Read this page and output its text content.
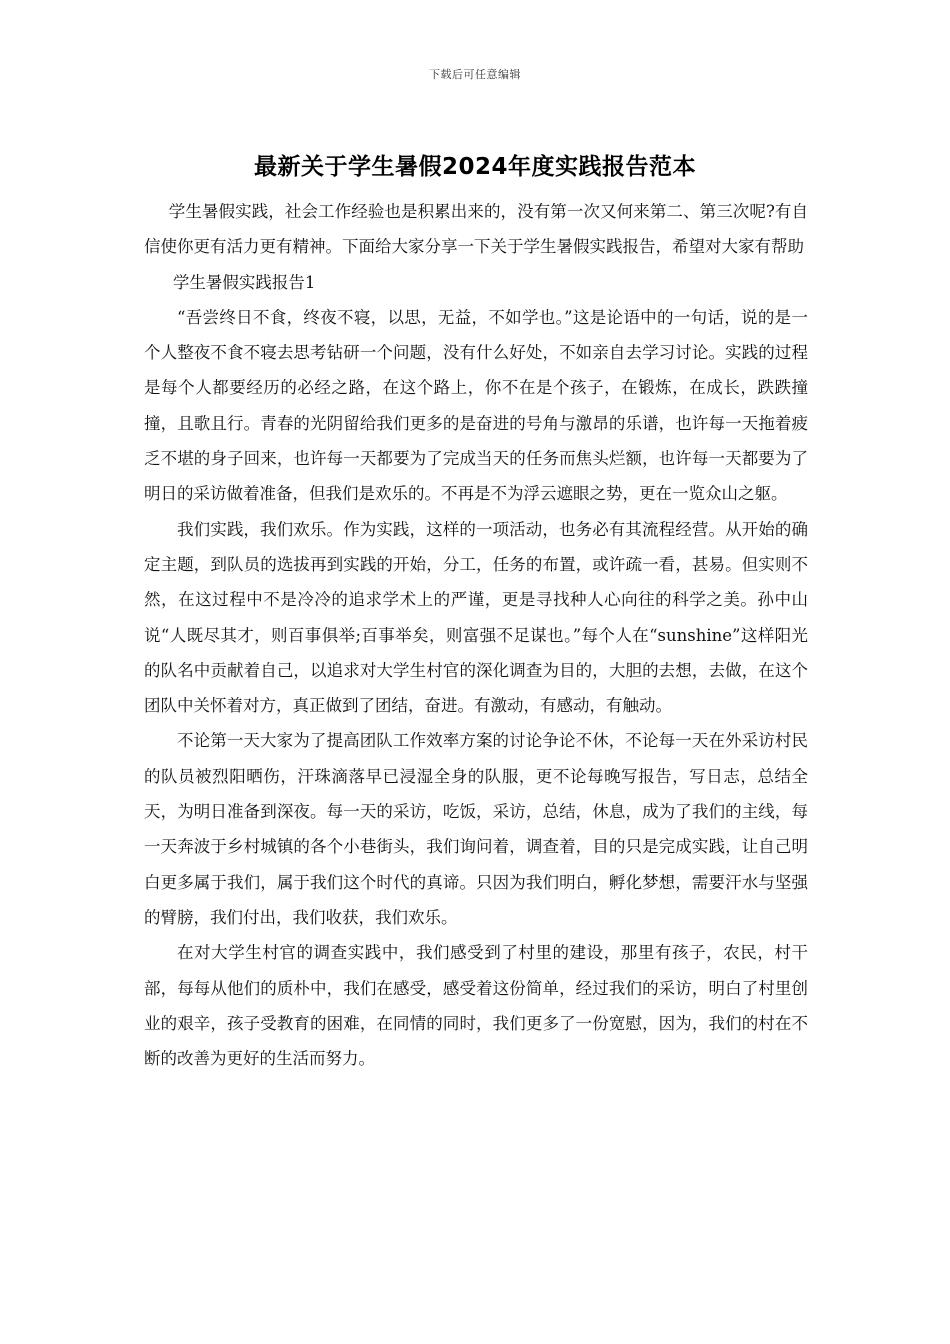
下载后可任意编辑
最新关于学生暑假2024年度实践报告范本

学生暑假实践，社会工作经验也是积累出来的，没有第一次又何来第二、第三次呢?有自信使你更有活力更有精神。下面给大家分享一下关于学生暑假实践报告，希望对大家有帮助

学生暑假实践报告1

“吾尝终日不食，终夜不寝，以思，无益，不如学也。”这是论语中的一句话，说的是一个人整夜不食不寝去思考钻研一个问题，没有什么好处，不如亲自去学习讨论。实践的过程是每个人都要经历的必经之路，在这个路上，你不在是个孩子，在锻炼，在成长，跌跌撞撞，且歌且行。青春的光阴留给我们更多的是奋进的号角与激昂的乐谱，也许每一天拖着疲乏不堪的身子回来，也许每一天都要为了完成当天的任务而焦头烂额，也许每一天都要为了明日的采访做着准备，但我们是欢乐的。不再是不为浮云遮眼之势，更在一览众山之躯。

我们实践，我们欢乐。作为实践，这样的一项活动，也务必有其流程经营。从开始的确定主题，到队员的选拔再到实践的开始，分工，任务的布置，或许疏一看，甚易。但实则不然，在这过程中不是冷冷的追求学术上的严谨，更是寻找种人心向往的科学之美。孙中山说“人既尽其才，则百事俱举;百事举矣，则富强不足谋也。”每个人在“sunshine”这样阳光的队名中贡献着自己，以追求对大学生村官的深化调查为目的，大胆的去想，去做，在这个团队中关怀着对方，真正做到了团结，奋进。有激动，有感动，有触动。

不论第一天大家为了提高团队工作效率方案的讨论争论不休，不论每一天在外采访村民的队员被烈阳晒伤，汗珠滴落早已浸湿全身的队服，更不论每晚写报告，写日志，总结全天，为明日准备到深夜。每一天的采访，吃饭，采访，总结，休息，成为了我们的主线，每一天奔波于乡村城镇的各个小巷街头，我们询问着，调查着，目的只是完成实践，让自己明白更多属于我们，属于我们这个时代的真谛。只因为我们明白，孵化梦想，需要汗水与坚强的臂膀，我们付出，我们收获，我们欢乐。

在对大学生村官的调查实践中，我们感受到了村里的建设，那里有孩子，农民，村干部，每每从他们的质朴中，我们在感受，感受着这份简单，经过我们的采访，明白了村里创业的艰辛，孩子受教育的困难，在同情的同时，我们更多了一份宽慰，因为，我们的村在不断的改善为更好的生活而努力。
